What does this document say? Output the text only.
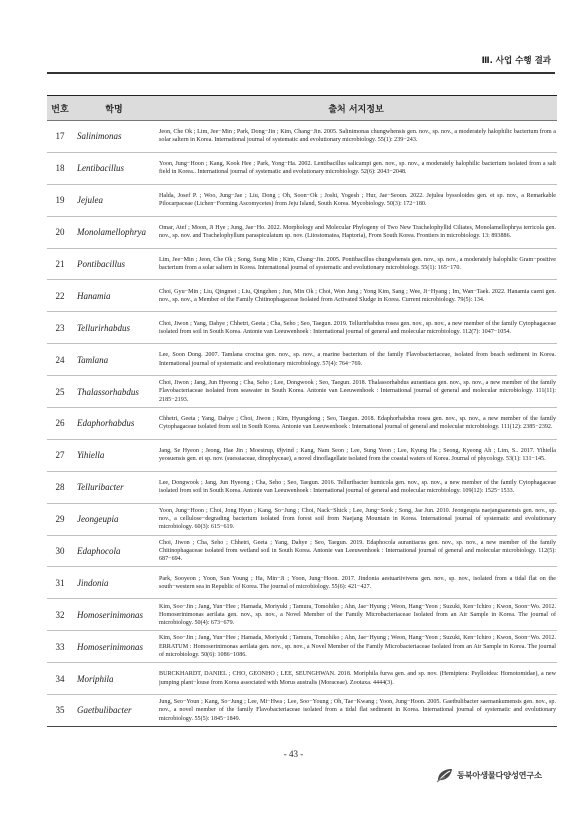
Ⅲ. 사업 수행 결과
번호	학명	출처 서지정보
17	Salinimonas	Jeon, Che Ok ; Lim, Jee−Min ; Park, Dong−Jin ; Kim, Chang−Jin. 2005. Salinimonas chungwhensis gen. nov., sp. nov., a moderately halophilic bacterium from a solar saltern in Korea. International journal of systematic and evolutionary microbiology. 55(1): 239−243.

18	Lentibacillus	Yoon, Jung−Hoon ; Kang, Kook Hee ; Park, Yong−Ha. 2002. Lentibacillus salicampi gen. nov., sp. nov., a moderately halophilic bacterium isolated from a salt field in Korea.. International journal of systematic and evolutionary microbiology. 52(6): 2043−2048.

19	Jejulea	Halda, Josef P. ; Woo, Jung−Jae ; Liu, Dong ; Oh, Soon−Ok ; Joshi, Yogesh ; Hur, Jae−Seoun. 2022. Jejulea byssoloides gen. et sp. nov., a Remarkable Pilocarpaceae (Lichen−Forming Ascomycetes) from Jeju Island, South Korea. Mycobiology. 50(3): 172−180.

20	Monolamellophrya	Omar, Atef ; Moon, Ji Hye ; Jung, Jae−Ho. 2022. Morphology and Molecular Phylogeny of Two New Trachelophyllid Ciliates, Monolamellophrya terricola gen. nov., sp. nov. and Trachelophyllum paraspiculatum sp. nov. (Litostomatea, Haptoria), From South Korea. Frontiers in microbiology. 13: 893886.

21	Pontibacillus	Lim, Jee−Min ; Jeon, Che Ok ; Song, Sung Min ; Kim, Chang−Jin. 2005. Pontibacillus chungwhensis gen. nov., sp. nov., a moderately halophilic Gram−positive bacterium from a solar saltern in Korea. International journal of systematic and evolutionary microbiology. 55(1): 165−170.

22	Hanamia	Choi, Gyu−Min ; Liu, Qingmei ; Liu, Qingzhen ; Jun, Min Ok ; Choi, Won Jung ; Yong Kim, Sang ; Wee, Ji−Hyang ; Im, Wan−Taek. 2022. Hanamia caeni gen. nov., sp. nov., a Member of the Family Chitinophagaceae Isolated from Activated Sludge in Korea. Current microbiology. 79(5): 134.

23	Tellurirhabdus	Choi, Jiwon ; Yang, Dahye ; Chhetri, Geeta ; Cha, Seho ; Seo, Taegun. 2019. Tellurirhabdus rosea gen. nov., sp. nov., a new member of the family Cytophagaceae isolated from soil in South Korea. Antonie van Leeuwenhoek : International journal of general and molecular microbiology. 112(7): 1047−1054.

24	Tamlana	Lee, Soon Dong. 2007. Tamlana crocina gen. nov., sp. nov., a marine bacterium of the family Flavobacteriaceae, isolated from beach sediment in Korea. International journal of systematic and evolutionary microbiology. 57(4): 764−769.

25	Thalassorhabdus	Choi, Jiwon ; Jang, Jun Hyeong ; Cha, Seho ; Lee, Dongwook ; Seo, Taegun. 2018. Thalassorhabdus aurantiaca gen. nov., sp. nov., a new member of the family Flavobacteriaceae isolated from seawater in South Korea. Antonie van Leeuwenhoek : International journal of general and molecular microbiology. 111(11): 2185−2193.

26	Edaphorhabdus	Chhetri, Geeta ; Yang, Dahye ; Choi, Jiwon ; Kim, Hyungdong ; Seo, Taegun. 2018. Edaphorhabdus rosea gen. nov., sp. nov., a new member of the family Cytophagaceae isolated from soil in South Korea. Antonie van Leeuwenhoek : International journal of general and molecular microbiology. 111(12): 2385−2392.

27	Yihiella	Jang, Se Hyeon ; Jeong, Hae Jin ; Moestrup, Øjvind ; Kang, Nam Seon ; Lee, Sung Yeon ; Lee, Kyung Ha ; Seong, Kyeong Ah ; Lim, S.. 2017. Yihiella yeosuensis gen. et sp. nov. (suessiaceae, dinophyceae), a novel dinoflagellate isolated from the coastal waters of Korea. Journal of phycology. 53(1): 131−145.

28	Telluribacter	Lee, Dongwook ; Jang, Jun Hyeong ; Cha, Seho ; Seo, Taegun. 2016. Telluribacter humicola gen. nov., sp. nov., a new member of the family Cytophagaceae isolated from soil in South Korea. Antonie van Leeuwenhoek : International journal of general and molecular microbiology. 109(12): 1525−1533.

29	Jeongeupia	Yoon, Jung−Hoon ; Choi, Jong Hyun ; Kang, So−Jung ; Choi, Nack−Shick ; Lee, Jung−Sook ; Song, Jae Jun. 2010. Jeongeupia naejangsanensis gen. nov., sp. nov., a cellulose−degrading bacterium isolated from forest soil from Naejang Mountain in Korea. International journal of systematic and evolutionary microbiology. 60(3): 615−619.

30	Edaphocola	Choi, Jiwon ; Cha, Seho ; Chhetri, Geeta ; Yang, Dahye ; Seo, Taegun. 2019. Edaphocola aurantiacus gen. nov., sp. nov., a new member of the family Chitinophagaceae isolated from wetland soil in South Korea. Antonie van Leeuwenhoek : International journal of general and molecular microbiology. 112(5): 687−694.

31	Jindonia	Park, Sooyeon ; Yoon, Sun Young ; Ha, Min−Ji ; Yoon, Jung−Hoon. 2017. Jindonia aestuariivivens gen. nov., sp. nov., isolated from a tidal flat on the south−western sea in Republic of Korea. The journal of microbiology. 55(6): 421−427.

32	Homoserinimonas	Kim, Soo−Jin ; Jang, Yun−Hee ; Hamada, Moriyuki ; Tamura, Tomohiko ; Ahn, Jae−Hyung ; Weon, Hang−Yeon ; Suzuki, Ken−Ichiro ; Kwon, Soon−Wo. 2012. Homoserinimonas aerilata gen. nov., sp. nov., a Novel Member of the Family Microbacteriaceae Isolated from an Air Sample in Korea. The journal of microbiology. 50(4): 673−679.

33	Homoserinimonas	Kim, Soo−Jin ; Jang, Yun−Hee ; Hamada, Moriyuki ; Tamura, Tomohiko ; Ahn, Jae−Hyung ; Weon, Hang−Yeon ; Suzuki, Ken−Ichiro ; Kwon, Soon−Wo. 2012. ERRATUM : Homoserinimonas aerilata gen. nov., sp. nov., a Novel Member of the Family Microbacteriaceae Isolated from an Air Sample in Korea. The journal of microbiology. 50(6): 1086−1086.

34	Moriphila	BURCKHARDT, DANIEL ; CHO, GEONHO ; LEE, SEUNGHWAN. 2018. Moriphila furva gen. and sp. nov. (Hemiptera: Psylloidea: Homotomidae), a new jumping plant−louse from Korea associated with Morus australis (Moraceae). Zootaxa. 4444(3).

35	Gaetbulibacter	Jung, Seo−Youn ; Kang, So−Jung ; Lee, Mi−Hwa ; Lee, Soo−Young ; Oh, Tae−Kwang ; Yoon, Jung−Hoon. 2005. Gaetbulibacter saemankumensis gen. nov., sp. nov., a novel member of the family Flavobacteriaceae isolated from a tidal flat sediment in Korea. International journal of systematic and evolutionary microbiology. 55(5): 1845−1849.
- 43 -
동북아생물다양성연구소
